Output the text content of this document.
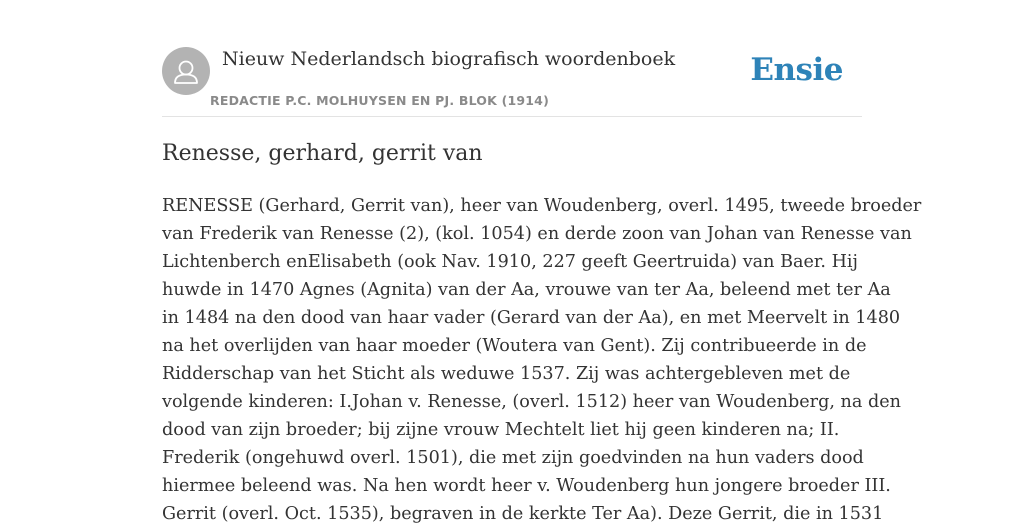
Nieuw Nederlandsch biografisch woordenboek
REDACTIE P.C. MOLHUYSEN EN PJ. BLOK (1914)
Ensie
Renesse, gerhard, gerrit van
RENESSE (Gerhard, Gerrit van), heer van Woudenberg, overl. 1495, tweede broeder
van Frederik van Renesse (2), (kol. 1054) en derde zoon van Johan van Renesse van
Lichtenberch enElisabeth (ook Nav. 1910, 227 geeft Geertruida) van Baer. Hij
huwde in 1470 Agnes (Agnita) van der Aa, vrouwe van ter Aa, beleend met ter Aa
in 1484 na den dood van haar vader (Gerard van der Aa), en met Meervelt in 1480
na het overlijden van haar moeder (Woutera van Gent). Zij contribueerde in de
Ridderschap van het Sticht als weduwe 1537. Zij was achtergebleven met de
volgende kinderen: I.Johan v. Renesse, (overl. 1512) heer van Woudenberg, na den
dood van zijn broeder; bij zijne vrouw Mechtelt liet hij geen kinderen na; II.
Frederik (ongehuwd overl. 1501), die met zijn goedvinden na hun vaders dood
hiermee beleend was. Na hen wordt heer v. Woudenberg hun jongere broeder III.
Gerrit (overl. Oct. 1535), begraven in de kerkte Ter Aa). Deze Gerrit, die in 1531
